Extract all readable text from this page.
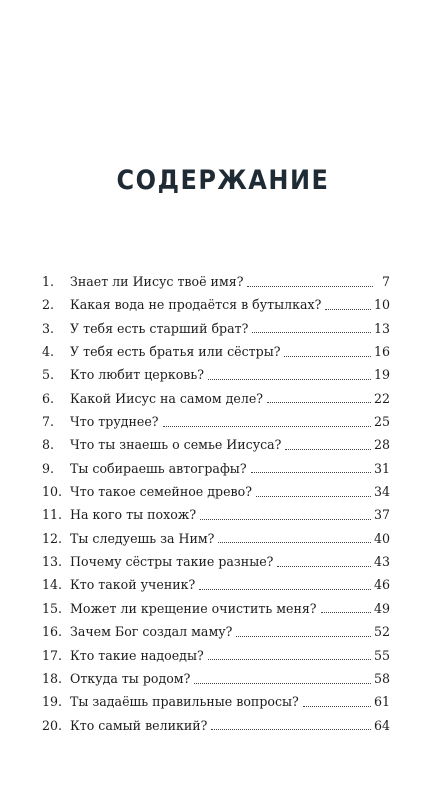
СОДЕРЖАНИЕ
1.	Знает ли Иисус твоё имя?	7
2.	Какая вода не продаётся в бутылках?	10
3.	У тебя есть старший брат?	13
4.	У тебя есть братья или сёстры?	16
5.	Кто любит церковь?	19
6.	Какой Иисус на самом деле?	22
7.	Что труднее?	25
8.	Что ты знаешь о семье Иисуса?	28
9.	Ты собираешь автографы?	31
10. Что такое семейное древо?	34
11. На кого ты похож?	37
12. Ты следуешь за Ним?	40
13. Почему сёстры такие разные?	43
14. Кто такой ученик?	46
15. Может ли крещение очистить меня?	49
16. Зачем Бог создал маму?	52
17. Кто такие надоеды?	55
18. Откуда ты родом?	58
19. Ты задаёшь правильные вопросы?	61
20. Кто самый великий?	64
